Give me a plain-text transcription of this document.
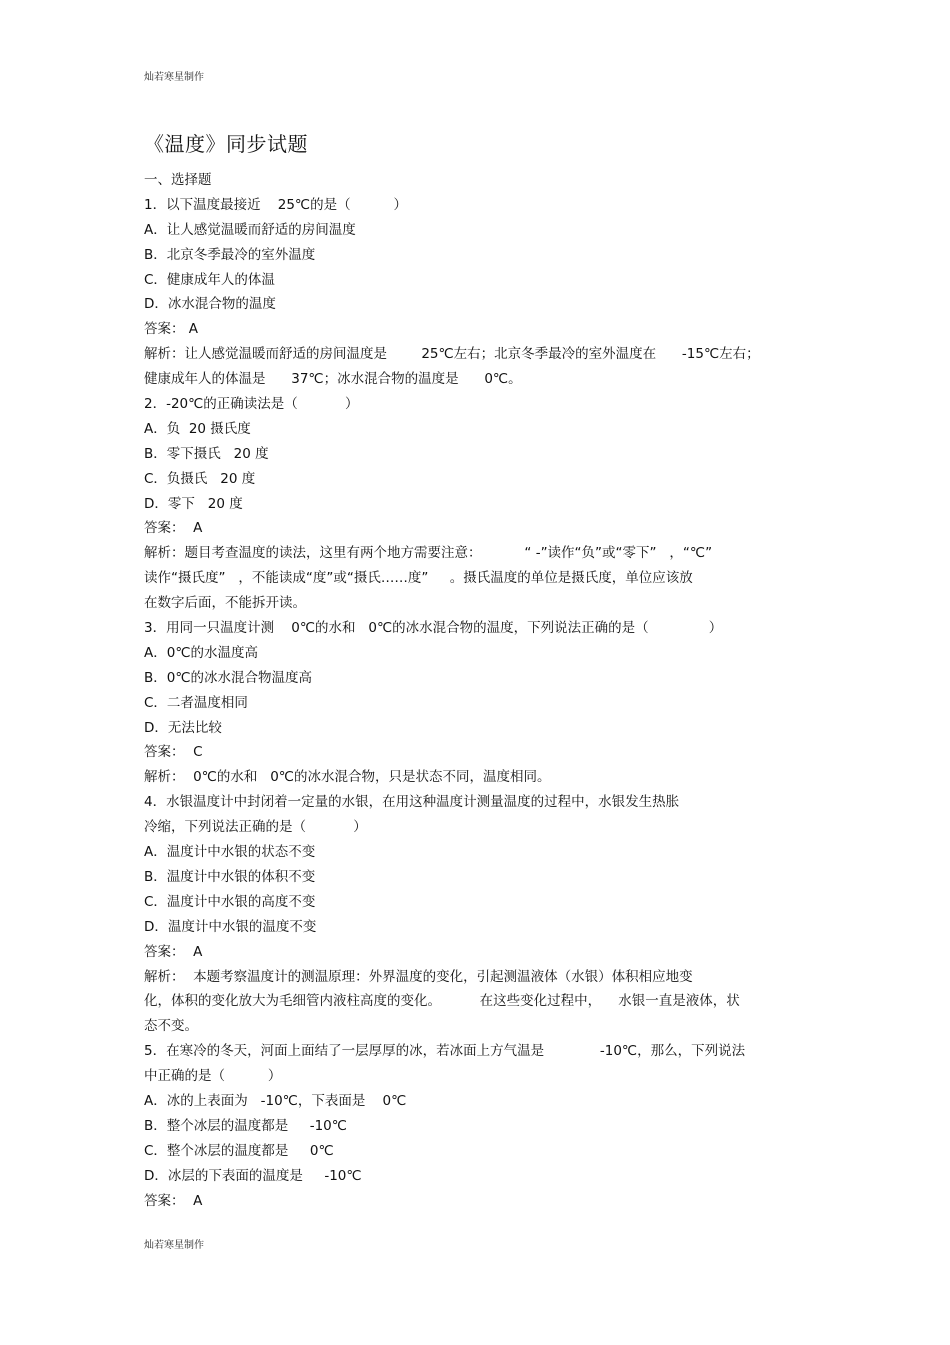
灿若寒星制作
《温度》同步试题
一、选择题
1．以下温度最接近    25℃的是（          ）
A．让人感觉温暖而舒适的房间温度
B．北京冬季最冷的室外温度
C．健康成年人的体温
D．冰水混合物的温度
答案： A
解析：让人感觉温暖而舒适的房间温度是        25℃左右；北京冬季最冷的室外温度在      -15℃左右；
健康成年人的体温是      37℃；冰水混合物的温度是      0℃。
2．-20℃的正确读法是（           ）
A．负  20 摄氏度
B．零下摄氏   20 度
C．负摄氏   20 度
D．零下   20 度
答案：  A
解析：题目考查温度的读法，这里有两个地方需要注意：          “ -”读作“负”或“零下”   ，“℃”
读作“摄氏度”   ，不能读成“度”或“摄氏……度”     。摄氏温度的单位是摄氏度，单位应该放
在数字后面，不能拆开读。
3．用同一只温度计测    0℃的水和   0℃的冰水混合物的温度，下列说法正确的是（              ）
A．0℃的水温度高
B．0℃的冰水混合物温度高
C．二者温度相同
D．无法比较
答案：  C
解析：  0℃的水和   0℃的冰水混合物，只是状态不同，温度相同。
4．水银温度计中封闭着一定量的水银，在用这种温度计测量温度的过程中，水银发生热胀
冷缩，下列说法正确的是（           ）
A．温度计中水银的状态不变
B．温度计中水银的体积不变
C．温度计中水银的高度不变
D．温度计中水银的温度不变
答案：  A
解析：  本题考察温度计的测温原理：外界温度的变化，引起测温液体（水银）体积相应地变
化，体积的变化放大为毛细管内液柱高度的变化。         在这些变化过程中，    水银一直是液体，状
态不变。
5．在寒冷的冬天，河面上面结了一层厚厚的冰，若冰面上方气温是             -10℃，那么，下列说法
中正确的是（          ）
A．冰的上表面为   -10℃，下表面是    0℃
B．整个冰层的温度都是     -10℃
C．整个冰层的温度都是     0℃
D．冰层的下表面的温度是     -10℃
答案：  A
灿若寒星制作
